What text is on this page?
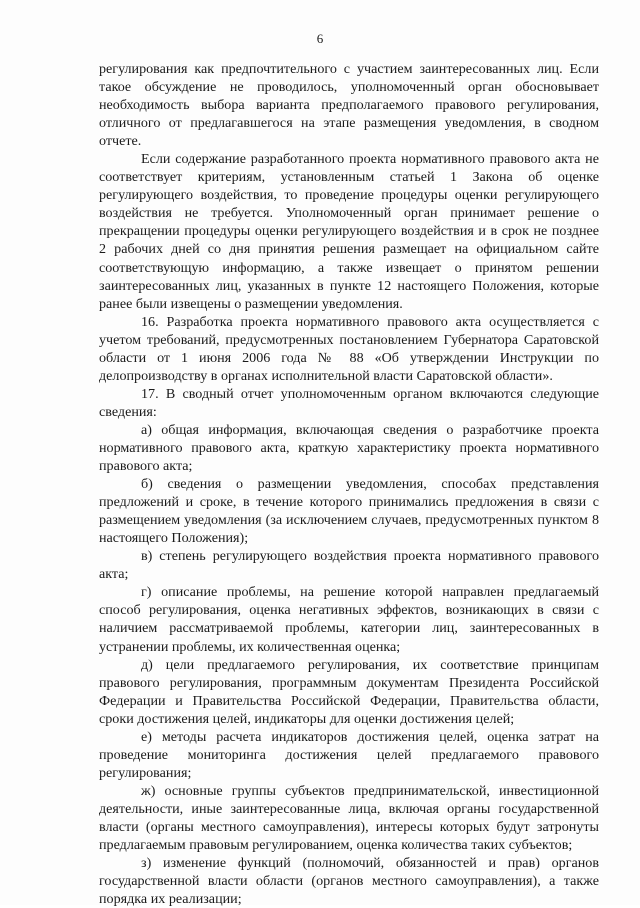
6

регулирования как предпочтительного с участием заинтересованных лиц. Если такое обсуждение не проводилось, уполномоченный орган обосновывает необходимость выбора варианта предполагаемого правового регулирования, отличного от предлагавшегося на этапе размещения уведомления, в сводном отчете.

Если содержание разработанного проекта нормативного правового акта не соответствует критериям, установленным статьей 1 Закона об оценке регулирующего воздействия, то проведение процедуры оценки регулирующего воздействия не требуется. Уполномоченный орган принимает решение о прекращении процедуры оценки регулирующего воздействия и в срок не позднее 2 рабочих дней со дня принятия решения размещает на официальном сайте соответствующую информацию, а также извещает о принятом решении заинтересованных лиц, указанных в пункте 12 настоящего Положения, которые ранее были извещены о размещении уведомления.

16. Разработка проекта нормативного правового акта осуществляется с учетом требований, предусмотренных постановлением Губернатора Саратовской области от 1 июня 2006 года № 88 «Об утверждении Инструкции по делопроизводству в органах исполнительной власти Саратовской области».

17. В сводный отчет уполномоченным органом включаются следующие сведения:

а) общая информация, включающая сведения о разработчике проекта нормативного правового акта, краткую характеристику проекта нормативного правового акта;

б) сведения о размещении уведомления, способах представления предложений и сроке, в течение которого принимались предложения в связи с размещением уведомления (за исключением случаев, предусмотренных пунктом 8 настоящего Положения);

в) степень регулирующего воздействия проекта нормативного правового акта;

г) описание проблемы, на решение которой направлен предлагаемый способ регулирования, оценка негативных эффектов, возникающих в связи с наличием рассматриваемой проблемы, категории лиц, заинтересованных в устранении проблемы, их количественная оценка;

д) цели предлагаемого регулирования, их соответствие принципам правового регулирования, программным документам Президента Российской Федерации и Правительства Российской Федерации, Правительства области, сроки достижения целей, индикаторы для оценки достижения целей;

е) методы расчета индикаторов достижения целей, оценка затрат на проведение мониторинга достижения целей предлагаемого правового регулирования;

ж) основные группы субъектов предпринимательской, инвестиционной деятельности, иные заинтересованные лица, включая органы государственной власти (органы местного самоуправления), интересы которых будут затронуты предлагаемым правовым регулированием, оценка количества таких субъектов;

з) изменение функций (полномочий, обязанностей и прав) органов государственной власти области (органов местного самоуправления), а также порядка их реализации;
